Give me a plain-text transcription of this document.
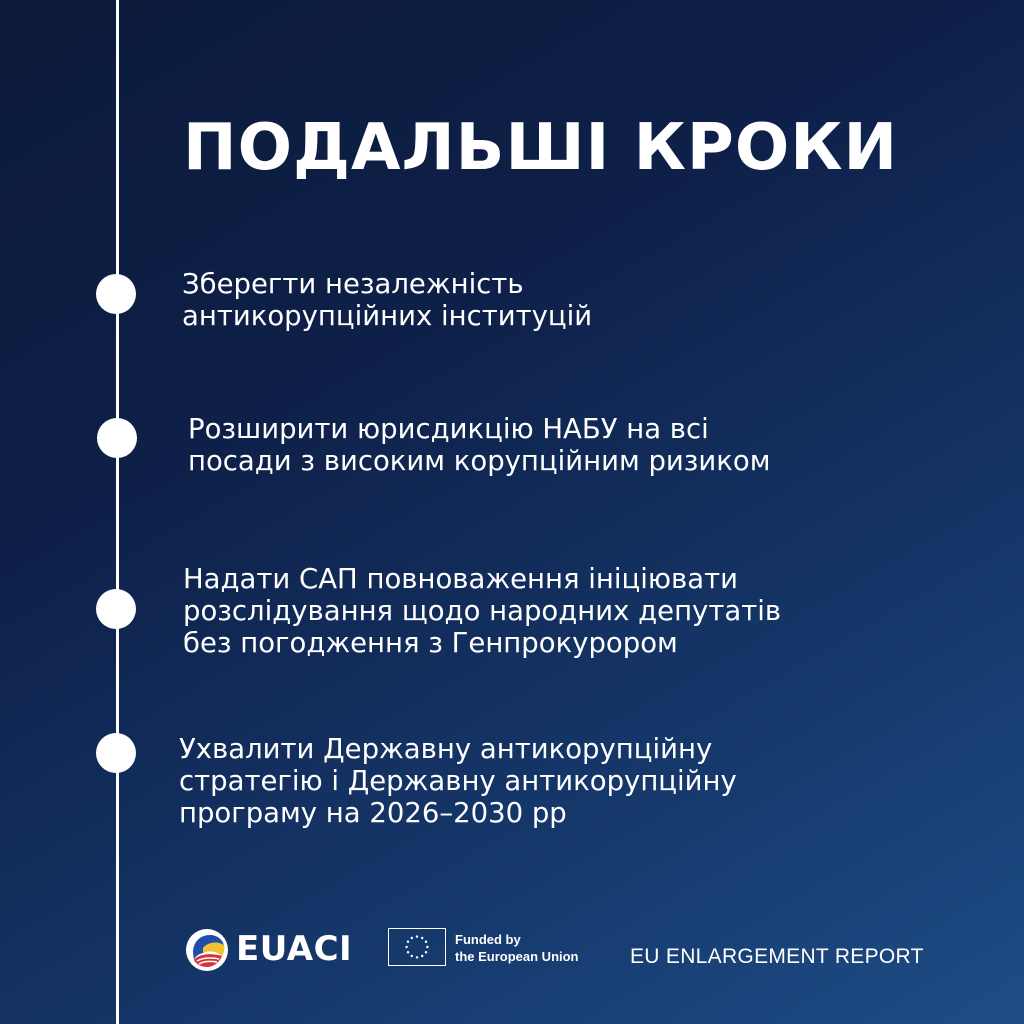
ПОДАЛЬШІ КРОКИ
Зберегти незалежність
антикорупційних інституцій
Розширити юрисдикцію НАБУ на всі
посади з високим корупційним ризиком
Надати САП повноваження ініціювати
розслідування щодо народних депутатів
без погодження з Генпрокурором
Ухвалити Державну антикорупційну
стратегію і Державну антикорупційну
програму на 2026–2030 рр
EUACI	Funded by
the European Union EU ENLARGEMENT REPORT
